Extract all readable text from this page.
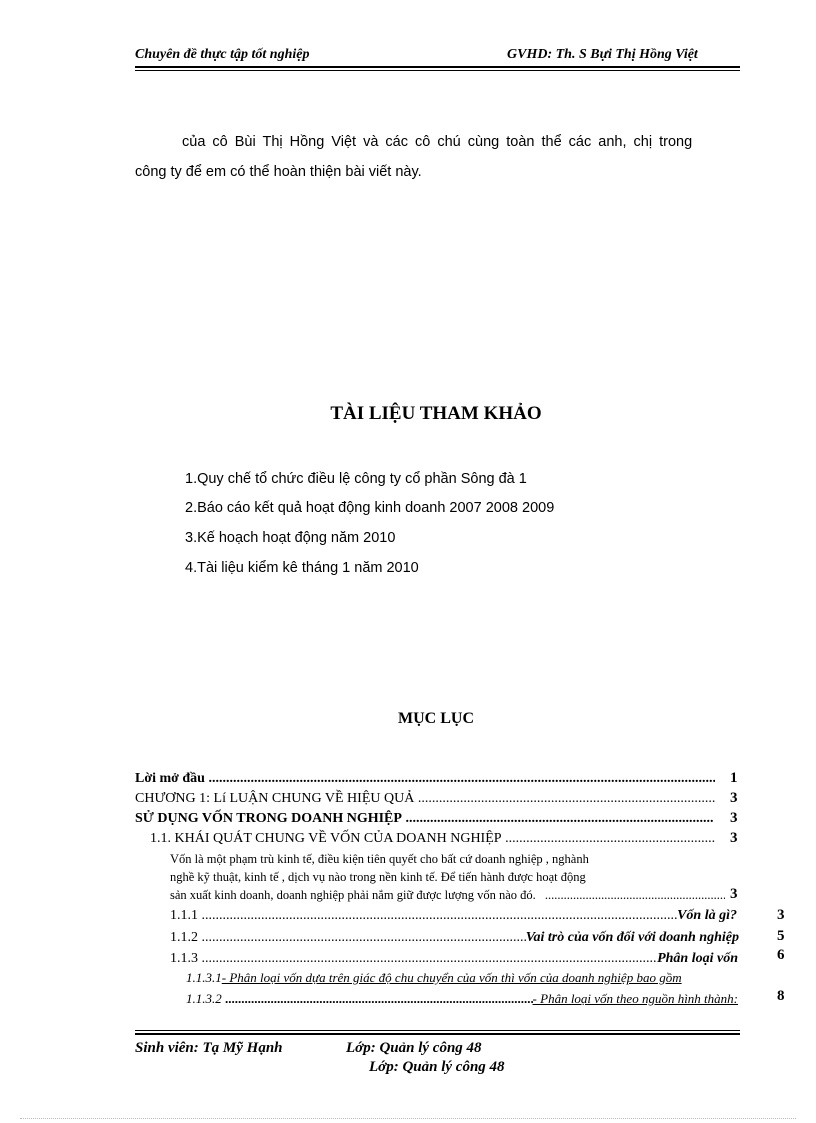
Chuyên đề thực tập tốt nghiệp	GVHD: Th. S Bựi Thị Hồng Việt
của cô Bùi Thị Hồng Việt và các cô chú cùng toàn thể các anh, chị trong
công ty để em có thể hoàn thiện bài viết này.
TÀI LIỆU THAM KHẢO
1.Quy chế tổ chức điều lệ công ty cổ phần Sông đà 1
2.Báo cáo kết quả hoạt động kinh doanh 2007 2008 2009
3.Kế hoạch hoạt động năm 2010
4.Tài liệu kiểm kê tháng 1 năm 2010
MỤC LỤC
Lời mở đầu .....	1
CHƯƠNG 1: Lí LUẬN CHUNG VỀ HIỆU QUẢ .....	3
SỬ DỤNG VỐN TRONG DOANH NGHIỆP .....	3
1.1. KHÁI QUÁT CHUNG VỀ VỐN CỦA DOANH NGHIỆP .....	3
Vốn là một phạm trù kinh tế, điều kiện tiên quyết cho bất cứ doanh nghiệp , nghành
nghề kỹ thuật, kinh tế , dịch vụ nào trong nền kinh tế. Để tiến hành được hoạt động
sản xuất kinh doanh, doanh nghiệp phải nắm giữ được lượng vốn nào đó. .....	3
1.1.1 .....	Vốn là gì?	3
1.1.2 .....	Vai trò của vốn đối với doanh nghiệp	5
1.1.3 .....	Phân loại vốn	6
1.1.3.1- Phân loại vốn dựa trên giác độ chu chuyển của vốn thì vốn của doanh nghiệp bao gồm
1.1.3.2 .....	- Phân loại vốn theo nguồn hình thành:	8
Sinh viên: Tạ Mỹ Hạnh	Lớp: Quản lý công 48
Lớp: Quản lý công 48
